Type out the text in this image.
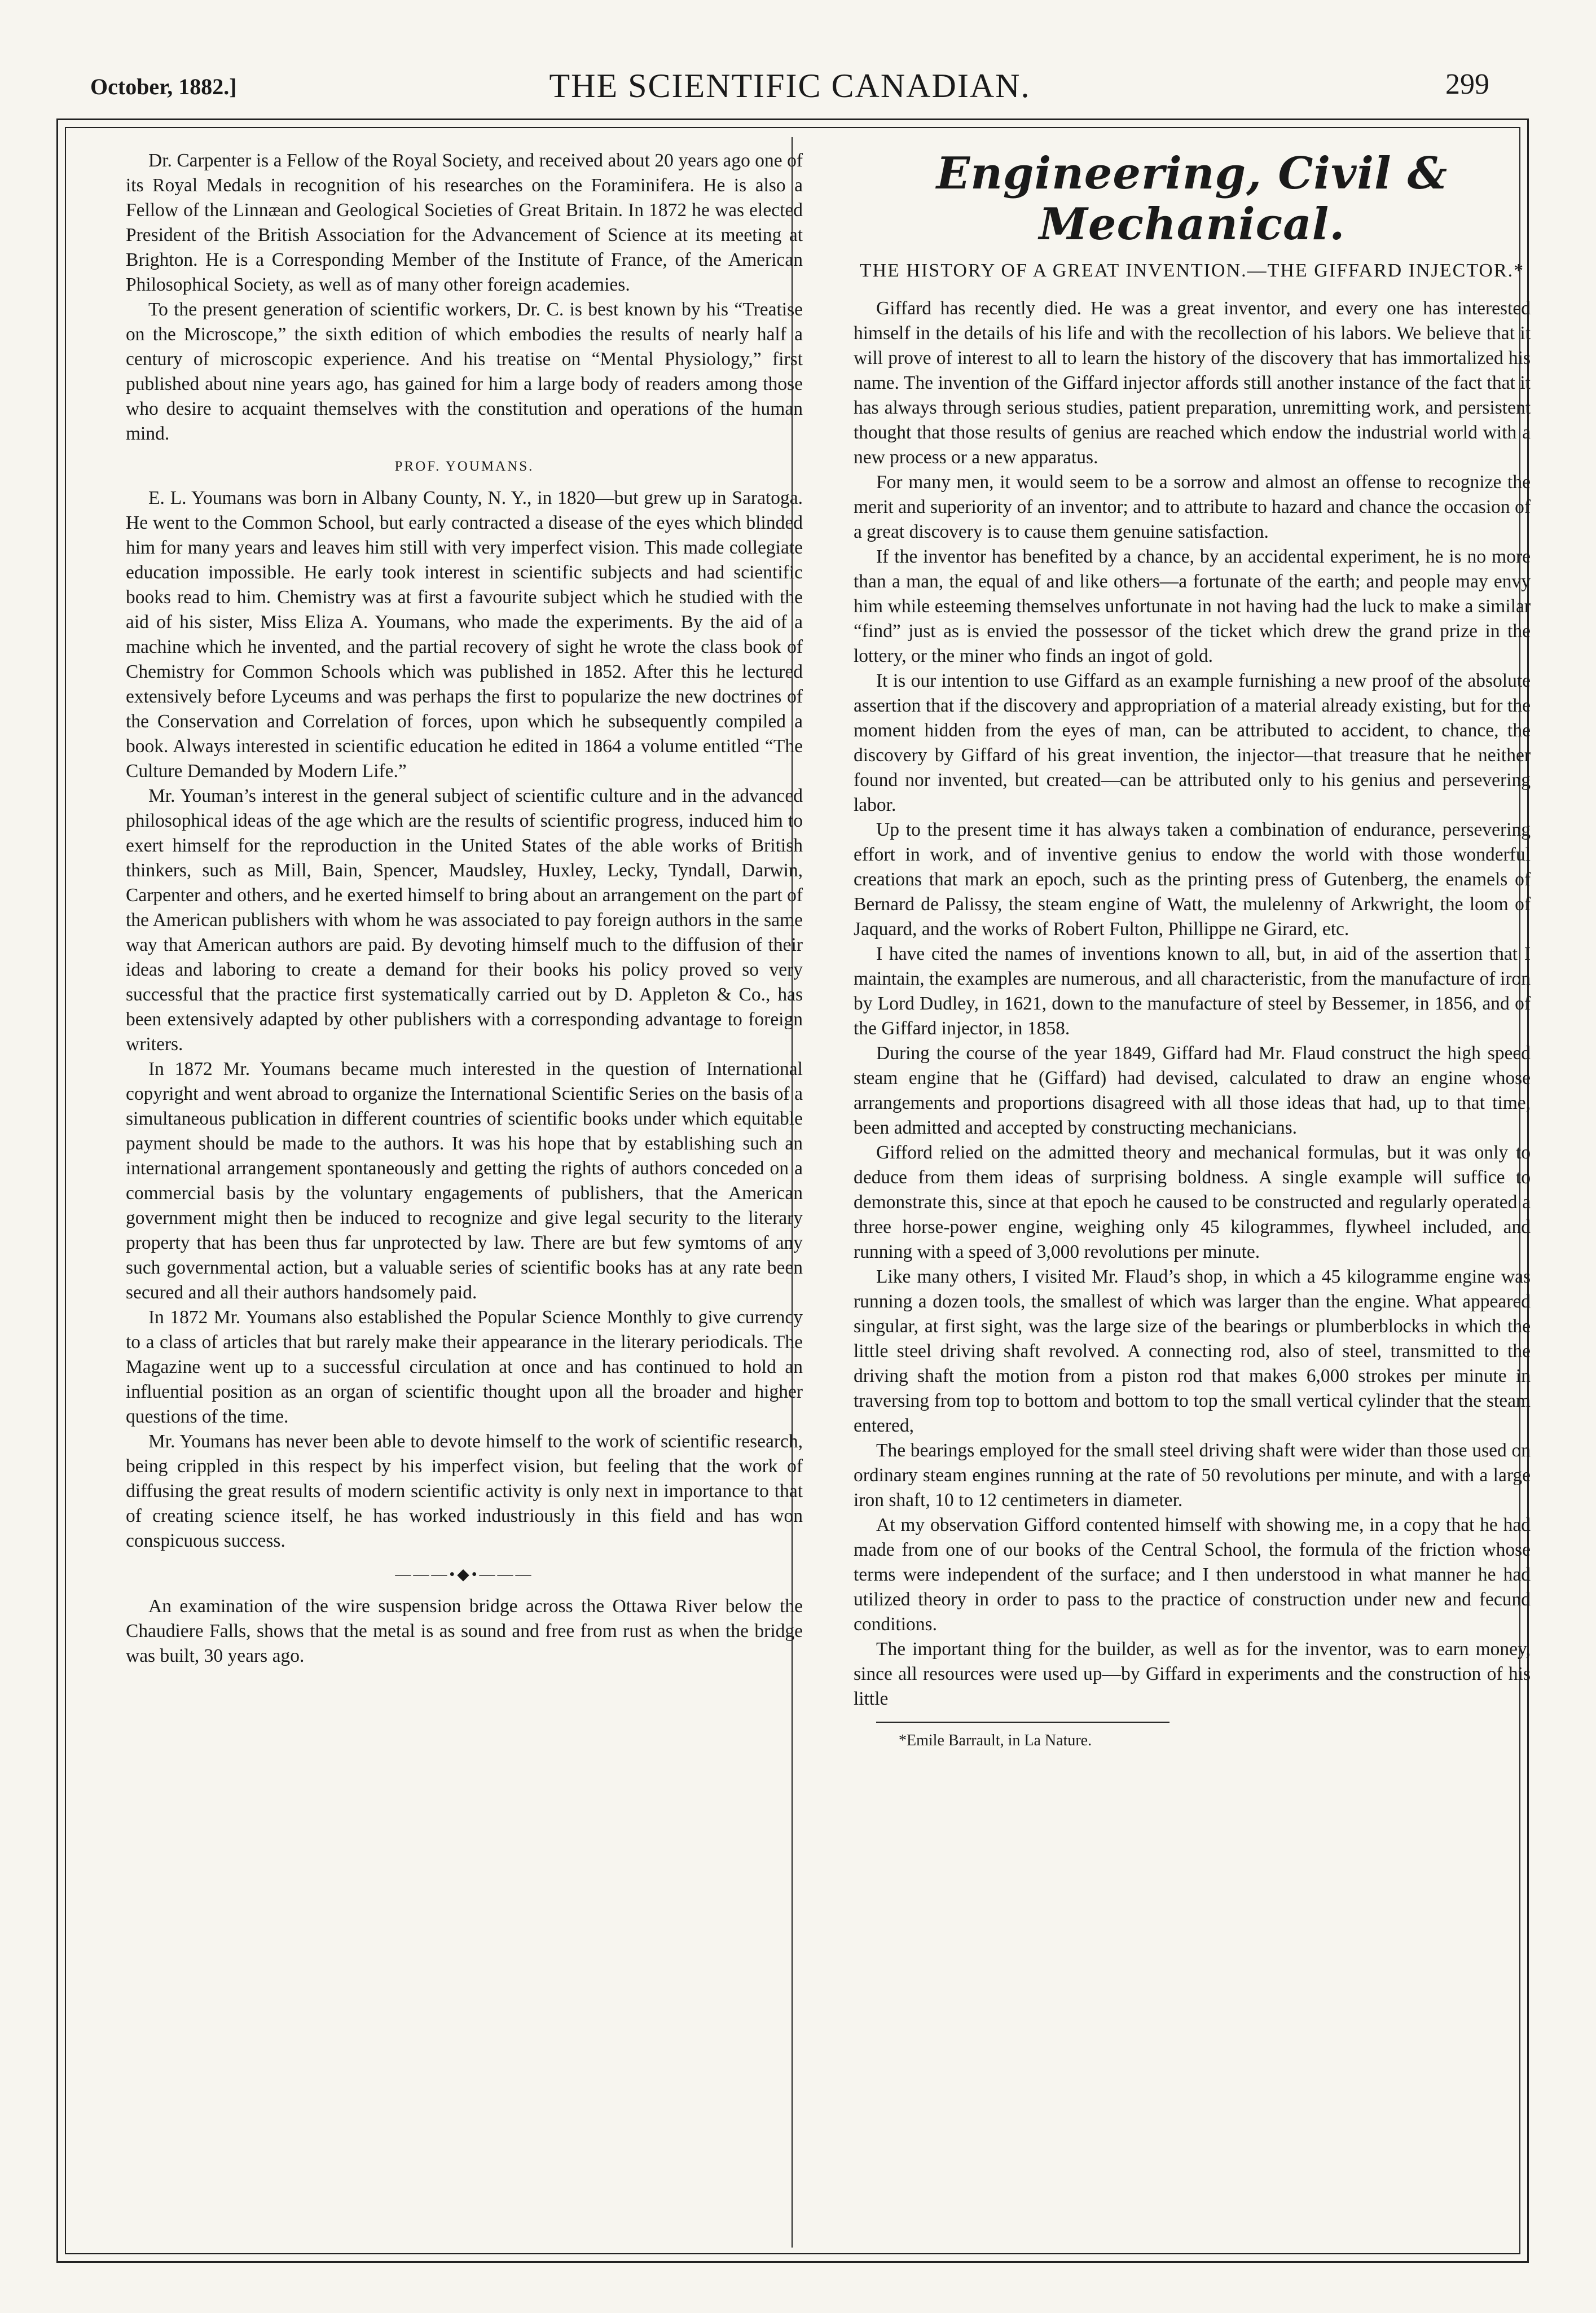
October, 1882.]	THE SCIENTIFIC CANADIAN.	299

Dr. Carpenter is a Fellow of the Royal Society, and received about 20 years ago one of its Royal Medals in recognition of his researches on the Foraminifera. He is also a Fellow of the Linnæan and Geological Societies of Great Britain. In 1872 he was elected President of the British Association for the Advancement of Science at its meeting at Brighton. He is a Corresponding Member of the Institute of France, of the American Philosophical Society, as well as of many other foreign academies.

To the present generation of scientific workers, Dr. C. is best known by his “Treatise on the Microscope,” the sixth edition of which embodies the results of nearly half a century of microscopic experience. And his treatise on “Mental Physiology,” first published about nine years ago, has gained for him a large body of readers among those who desire to acquaint themselves with the constitution and operations of the human mind.

PROF. YOUMANS.

E. L. Youmans was born in Albany County, N. Y., in 1820—but grew up in Saratoga. He went to the Common School, but early contracted a disease of the eyes which blinded him for many years and leaves him still with very imperfect vision. This made collegiate education impossible. He early took interest in scientific subjects and had scientific books read to him. Chemistry was at first a favourite subject which he studied with the aid of his sister, Miss Eliza A. Youmans, who made the experiments. By the aid of a machine which he invented, and the partial recovery of sight he wrote the class book of Chemistry for Common Schools which was published in 1852. After this he lectured extensively before Lyceums and was perhaps the first to popularize the new doctrines of the Conservation and Correlation of forces, upon which he subsequently compiled a book. Always interested in scientific education he edited in 1864 a volume entitled “The Culture Demanded by Modern Life.”

Mr. Youman’s interest in the general subject of scientific culture and in the advanced philosophical ideas of the age which are the results of scientific progress, induced him to exert himself for the reproduction in the United States of the able works of British thinkers, such as Mill, Bain, Spencer, Maudsley, Huxley, Lecky, Tyndall, Darwin, Carpenter and others, and he exerted himself to bring about an arrangement on the part of the American publishers with whom he was associated to pay foreign authors in the same way that American authors are paid. By devoting himself much to the diffusion of their ideas and laboring to create a demand for their books his policy proved so very successful that the practice first systematically carried out by D. Appleton & Co., has been extensively adapted by other publishers with a corresponding advantage to foreign writers.

In 1872 Mr. Youmans became much interested in the question of International copyright and went abroad to organize the International Scientific Series on the basis of a simultaneous publication in different countries of scientific books under which equitable payment should be made to the authors. It was his hope that by establishing such an international arrangement spontaneously and getting the rights of authors conceded on a commercial basis by the voluntary engagements of publishers, that the American government might then be induced to recognize and give legal security to the literary property that has been thus far unprotected by law. There are but few symtoms of any such governmental action, but a valuable series of scientific books has at any rate been secured and all their authors handsomely paid.

In 1872 Mr. Youmans also established the Popular Science Monthly to give currency to a class of articles that but rarely make their appearance in the literary periodicals. The Magazine went up to a successful circulation at once and has continued to hold an influential position as an organ of scientific thought upon all the broader and higher questions of the time.

Mr. Youmans has never been able to devote himself to the work of scientific research, being crippled in this respect by his imperfect vision, but feeling that the work of diffusing the great results of modern scientific activity is only next in importance to that of creating science itself, he has worked industriously in this field and has won conspicuous success.

———•◆•———

An examination of the wire suspension bridge across the Ottawa River below the Chaudiere Falls, shows that the metal is as sound and free from rust as when the bridge was built, 30 years ago.

Engineering, Civil & Mechanical.
THE HISTORY OF A GREAT INVENTION.—THE GIFFARD INJECTOR.*

Giffard has recently died. He was a great inventor, and every one has interested himself in the details of his life and with the recollection of his labors. We believe that it will prove of interest to all to learn the history of the discovery that has immortalized his name. The invention of the Giffard injector affords still another instance of the fact that it has always through serious studies, patient preparation, unremitting work, and persistent thought that those results of genius are reached which endow the industrial world with a new process or a new apparatus.

For many men, it would seem to be a sorrow and almost an offense to recognize the merit and superiority of an inventor; and to attribute to hazard and chance the occasion of a great discovery is to cause them genuine satisfaction.

If the inventor has benefited by a chance, by an accidental experiment, he is no more than a man, the equal of and like others—a fortunate of the earth; and people may envy him while esteeming themselves unfortunate in not having had the luck to make a similar “find” just as is envied the possessor of the ticket which drew the grand prize in the lottery, or the miner who finds an ingot of gold.

It is our intention to use Giffard as an example furnishing a new proof of the absolute assertion that if the discovery and appropriation of a material already existing, but for the moment hidden from the eyes of man, can be attributed to accident, to chance, the discovery by Giffard of his great invention, the injector—that treasure that he neither found nor invented, but created—can be attributed only to his genius and persevering labor.

Up to the present time it has always taken a combination of endurance, persevering effort in work, and of inventive genius to endow the world with those wonderful creations that mark an epoch, such as the printing press of Gutenberg, the enamels of Bernard de Palissy, the steam engine of Watt, the mulelenny of Arkwright, the loom of Jaquard, and the works of Robert Fulton, Phillippe ne Girard, etc.

I have cited the names of inventions known to all, but, in aid of the assertion that I maintain, the examples are numerous, and all characteristic, from the manufacture of iron by Lord Dudley, in 1621, down to the manufacture of steel by Bessemer, in 1856, and of the Giffard injector, in 1858.

During the course of the year 1849, Giffard had Mr. Flaud construct the high speed steam engine that he (Giffard) had devised, calculated to draw an engine whose arrangements and proportions disagreed with all those ideas that had, up to that time, been admitted and accepted by constructing mechanicians.

Gifford relied on the admitted theory and mechanical formulas, but it was only to deduce from them ideas of surprising boldness. A single example will suffice to demonstrate this, since at that epoch he caused to be constructed and regularly operated a three horse-power engine, weighing only 45 kilogrammes, flywheel included, and running with a speed of 3,000 revolutions per minute.

Like many others, I visited Mr. Flaud’s shop, in which a 45 kilogramme engine was running a dozen tools, the smallest of which was larger than the engine. What appeared singular, at first sight, was the large size of the bearings or plumberblocks in which the little steel driving shaft revolved. A connecting rod, also of steel, transmitted to the driving shaft the motion from a piston rod that makes 6,000 strokes per minute in traversing from top to bottom and bottom to top the small vertical cylinder that the steam entered,

The bearings employed for the small steel driving shaft were wider than those used on ordinary steam engines running at the rate of 50 revolutions per minute, and with a large iron shaft, 10 to 12 centimeters in diameter.

At my observation Gifford contented himself with showing me, in a copy that he had made from one of our books of the Central School, the formula of the friction whose terms were independent of the surface; and I then understood in what manner he had utilized theory in order to pass to the practice of construction under new and fecund conditions.

The important thing for the builder, as well as for the inventor, was to earn money, since all resources were used up—by Giffard in experiments and the construction of his little

*Emile Barrault, in La Nature.
